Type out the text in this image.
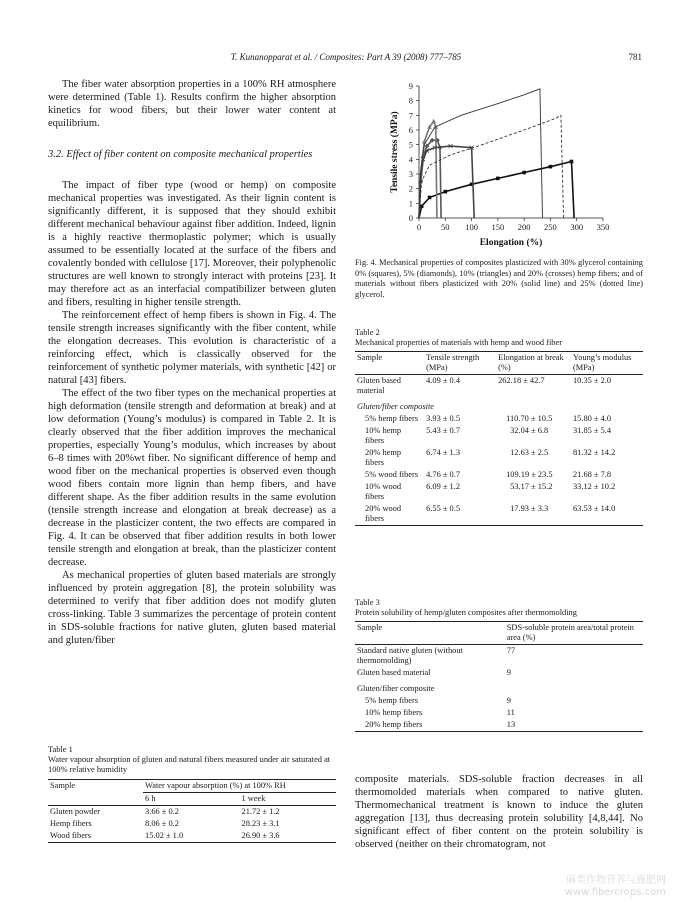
T. Kunanopparat et al. / Composites: Part A 39 (2008) 777–785	781

The fiber water absorption properties in a 100% RH atmosphere were determined (Table 1). Results confirm the higher absorption kinetics for wood fibers, but their lower water content at equilibrium.

3.2. Effect of fiber content on composite mechanical properties

The impact of fiber type (wood or hemp) on composite mechanical properties was investigated. As their lignin content is significantly different, it is supposed that they should exhibit different mechanical behaviour against fiber addition. Indeed, lignin is a highly reactive thermoplastic polymer; which is usually assumed to be essentially located at the surface of the fibers and covalently bonded with cellulose [17]. Moreover, their polyphenolic structures are well known to strongly interact with proteins [23]. It may therefore act as an interfacial compatibilizer between gluten and fibers, resulting in higher tensile strength.

The reinforcement effect of hemp fibers is shown in Fig. 4. The tensile strength increases significantly with the fiber content, while the elongation decreases. This evolution is characteristic of a reinforcing effect, which is classically observed for the reinforcement of synthetic polymer materials, with synthetic [42] or natural [43] fibers.

The effect of the two fiber types on the mechanical properties at high deformation (tensile strength and deformation at break) and at low deformation (Young’s modulus) is compared in Table 2. It is clearly observed that the fiber addition improves the mechanical properties, especially Young’s modulus, which increases by about 6–8 times with 20%wt fiber. No significant difference of hemp and wood fiber on the mechanical properties is observed even though wood fibers contain more lignin than hemp fibers, and have different shape. As the fiber addition results in the same evolution (tensile strength increase and elongation at break decrease) as a decrease in the plasticizer content, the two effects are compared in Fig. 4. It can be observed that fiber addition results in both lower tensile strength and elongation at break, than the plasticizer content decrease.

As mechanical properties of gluten based materials are strongly influenced by protein aggregation [8], the protein solubility was determined to verify that fiber addition does not modify gluten cross-linking. Table 3 summarizes the percentage of protein content in SDS-soluble fractions for native gluten, gluten based material and gluten/fiber

Table 1
Water vapour absorption of gluten and natural fibers measured under air saturated at 100% relative humidity
Sample	Water vapour absorption (%) at 100% RH	
	6 h	1 week
Gluten powder	3.66 ± 0.2	21.72 ± 1.2
Hemp fibers	8.06 ± 0.2	28.23 ± 3.1
Wood fibers	15.02 ± 1.0	26.90 ± 3.6
0 50 100 150 200 250 300 350
0
1
2
3
4
5
6
7
8
9
Elongation (%)
Tensile stress (MPa)
Fig. 4. Mechanical properties of composites plasticized with 30% glycerol containing 0% (squares), 5% (diamonds), 10% (triangles) and 20% (crosses) hemp fibers; and of materials without fibers plasticized with 20% (solid line) and 25% (dotted line) glycerol.
Table 2
Mechanical properties of materials with hemp and wood fiber
Sample	Tensile strength (MPa)	Elongation at break (%)	Young’s modulus (MPa)
Gluten based material	4.09 ± 0.4	262.18 ± 42.7	10.35 ± 2.0
Gluten/fiber composite			
5% hemp fibers	3.93 ± 0.5	110.70 ± 10.5	15.80 ± 4.0
10% hemp fibers	5.43 ± 0.7	32.04 ± 6.8	31.85 ± 5.4
20% hemp fibers	6.74 ± 1.3	12.63 ± 2.5	81.32 ± 14.2
5% wood fibers	4.76 ± 0.7	109.19 ± 23.5	21.68 ± 7.8
10% wood fibers	6.09 ± 1.2	53.17 ± 15.2	33.12 ± 10.2
20% wood fibers	6.55 ± 0.5	17.93 ± 3.3	63.53 ± 14.0
Table 3
Protein solubility of hemp/gluten composites after thermomolding
Sample	SDS-soluble protein area/total protein area (%)
Standard native gluten (without thermomolding)	77
Gluten based material	9
Gluten/fiber composite	
5% hemp fibers	9
10% hemp fibers	11
20% hemp fibers	13

composite materials. SDS-soluble fraction decreases in all thermomolded materials when compared to native gluten. Thermomechanical treatment is known to induce the gluten aggregation [13], thus decreasing protein solubility [4,8,44]. No significant effect of fiber content on the protein solubility is observed (neither on their chromatogram, not

麻类作物营养与施肥网
www.fibercrops.com
